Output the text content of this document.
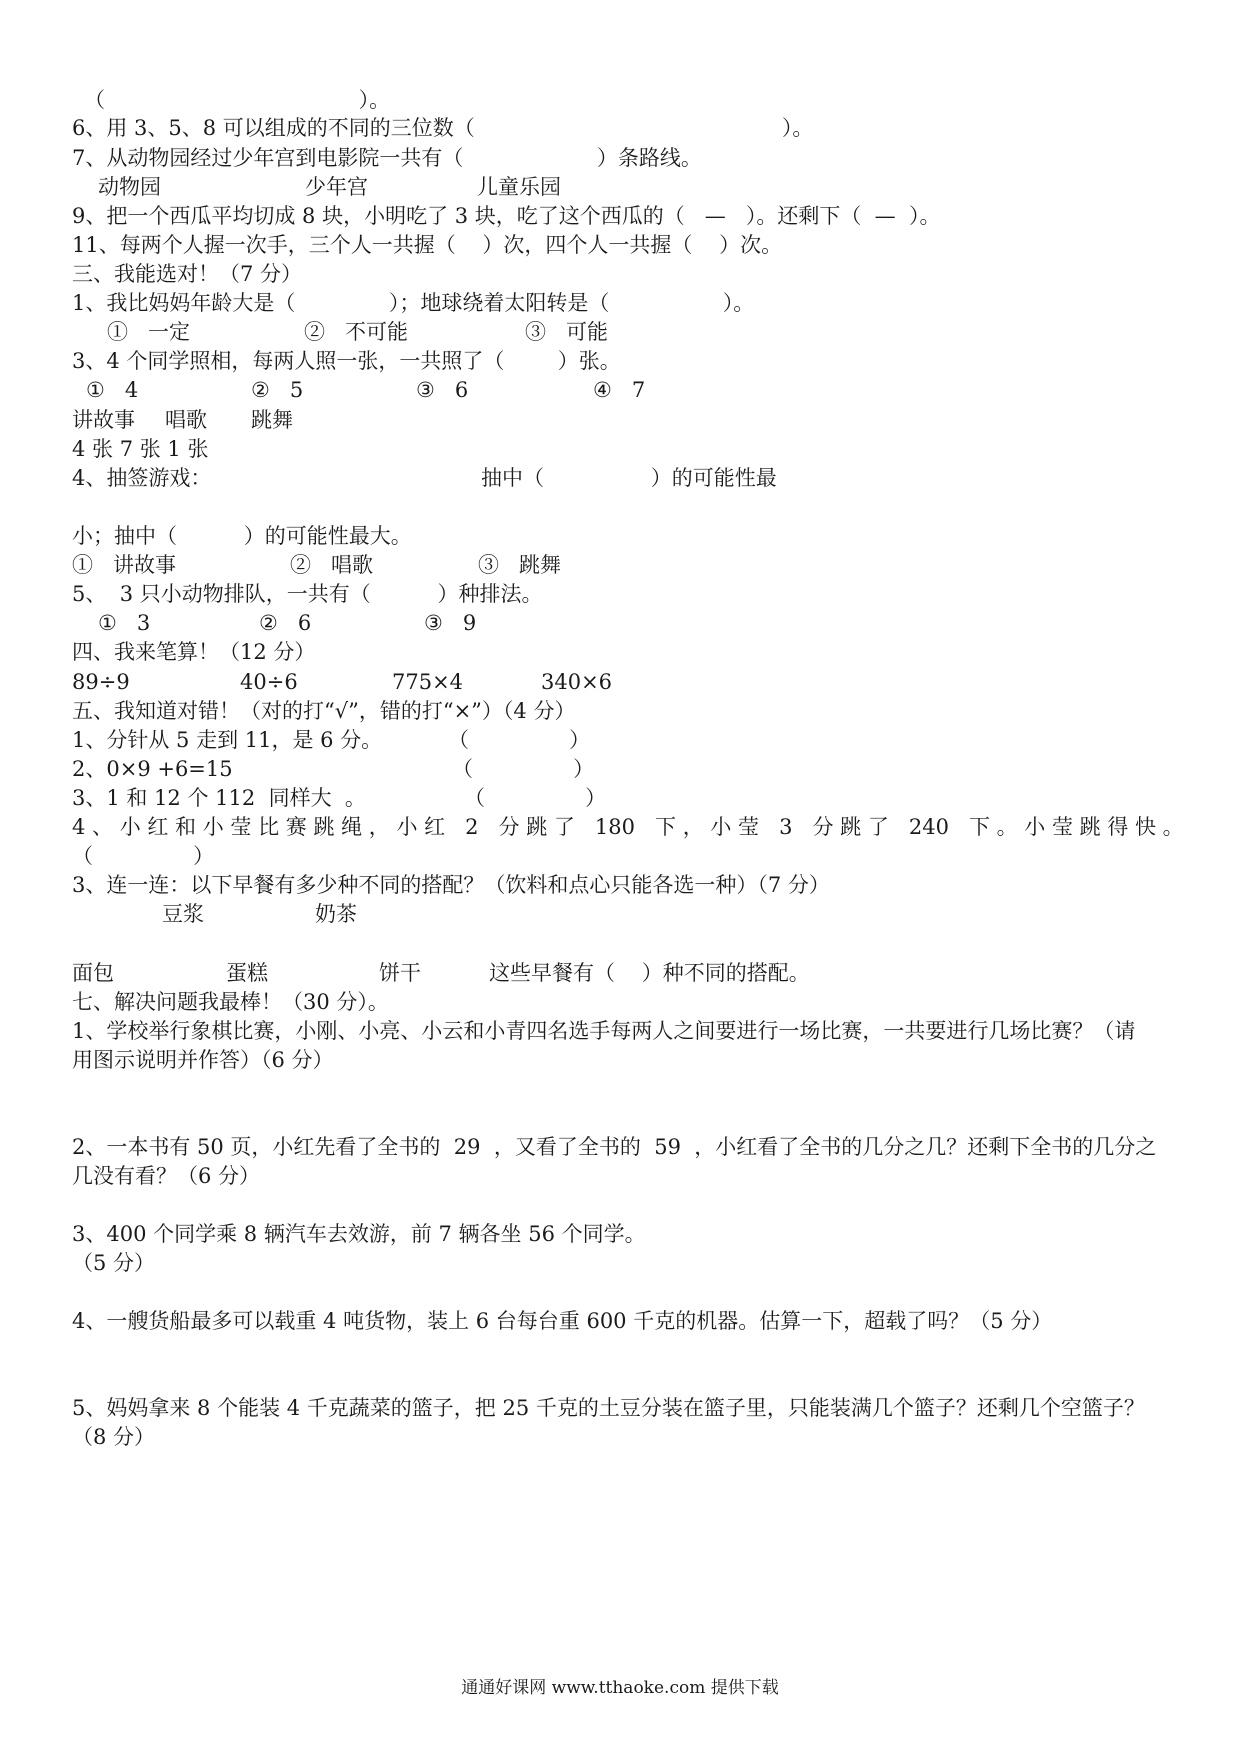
（                                      ）。
6、用 3、5、8 可以组成的不同的三位数（                                              ）。
7、从动物园经过少年宫到电影院一共有（                    ）条路线。
动物园	少年宫	儿童乐园
9、把一个西瓜平均切成 8 块，小明吃了 3 块，吃了这个西瓜的（   —   ）。还剩下（  —  ）。
11、每两个人握一次手，三个人一共握（    ）次，四个人一共握（    ）次。
三、我能选对！（7 分）
1、我比妈妈年龄大是（              ）；地球绕着太阳转是（                 ）。
①   一定	②   不可能	③   可能
3、4 个同学照相，每两人照一张，一共照了（        ）张。
①   4	②   5	③   6	④   7
讲故事 唱歌 跳舞
4 张 7 张 1 张
4、抽签游戏：	抽中（                ）的可能性最
小；抽中（          ）的可能性最大。
①   讲故事	②   唱歌	③   跳舞
5、  3 只小动物排队，一共有（          ）种排法。
①   3	②   6	③   9
四、我来笔算！（12 分）
89÷9	40÷6	775×4	340×6
五、我知道对错！（对的打“√”，错的打“×”）（4 分）
1、分针从 5 走到 11，是 6 分。	（               ）
2、0×9 +6=15	（               ）
3、1 和 12 个 112  同样大  。	（               ）
4 、 小 红 和 小 莹 比 赛 跳 绳 ， 小 红   2   分 跳 了   180   下 ， 小 莹   3   分 跳 了   240   下 。 小 莹 跳 得 快 。
（               ）
3、连一连：以下早餐有多少种不同的搭配？（饮料和点心只能各选一种）（7 分）
豆浆	奶茶
面包	蛋糕	饼干	这些早餐有（    ）种不同的搭配。
七、解决问题我最棒！（30 分）。
1、学校举行象棋比赛，小刚、小亮、小云和小青四名选手每两人之间要进行一场比赛，一共要进行几场比赛？（请
用图示说明并作答）（6 分）
2、一本书有 50 页，小红先看了全书的  29  ，又看了全书的  59  ，小红看了全书的几分之几？还剩下全书的几分之
几没有看？（6 分）
3、400 个同学乘 8 辆汽车去效游，前 7 辆各坐 56 个同学。
（5 分）
4、一艘货船最多可以载重 4 吨货物，装上 6 台每台重 600 千克的机器。估算一下，超载了吗？（5 分）
5、妈妈拿来 8 个能装 4 千克蔬菜的篮子，把 25 千克的土豆分装在篮子里，只能装满几个篮子？还剩几个空篮子？
（8 分）
通通好课网 www.tthaoke.com 提供下载
